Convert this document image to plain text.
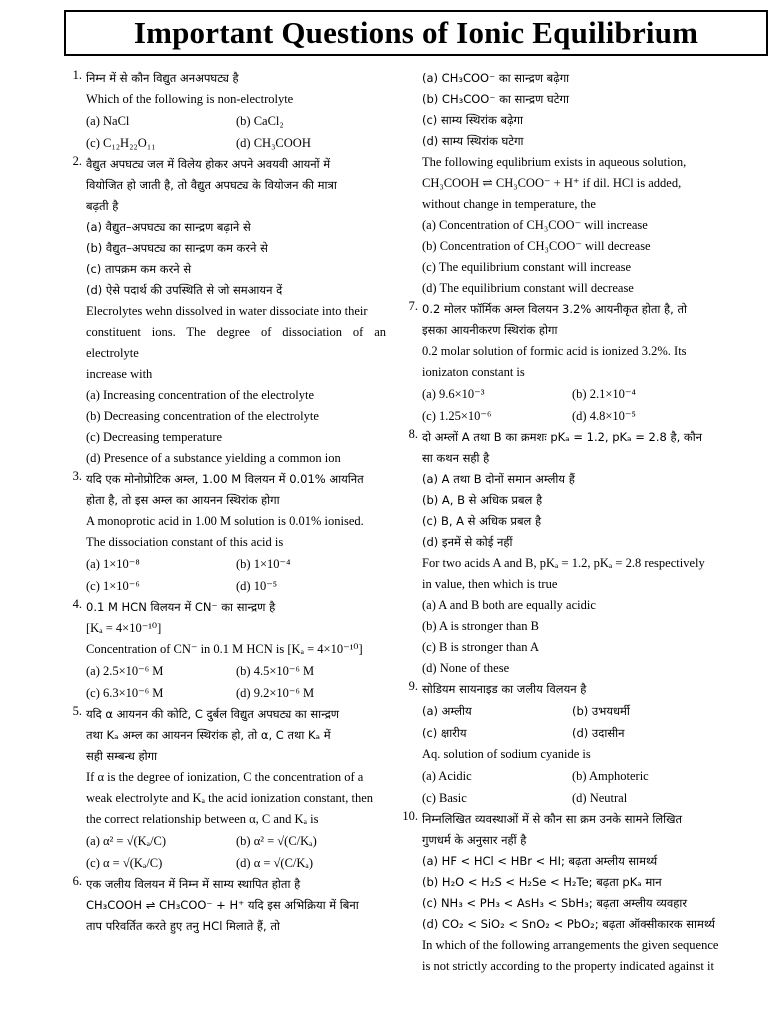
Important Questions of Ionic Equilibrium
1. निम्न में से कौन विद्युत अनअपघट्य है
Which of the following is non-electrolyte
(a) NaCl	(b) CaCl₂
(c) C₁₂H₂₂O₁₁	(d) CH₃COOH
2. वैद्युत अपघट्य जल में विलेय होकर अपने अवयवी आयनों में
वियोजित हो जाती है, तो वैद्युत अपघट्य के वियोजन की मात्रा
बढ़ती है
(a) वैद्युत–अपघट्य का सान्द्रण बढ़ाने से
(b) वैद्युत–अपघट्य का सान्द्रण कम करने से
(c) तापक्रम कम करने से
(d) ऐसे पदार्थ की उपस्थिति से जो समआयन दें
Elecrolytes wehn dissolved in water dissociate into their
constituent ions. The degree of dissociation of an electrolyte
increase with
(a) Increasing concentration of the electrolyte
(b) Decreasing concentration of the electrolyte
(c) Decreasing temperature
(d) Presence of a substance yielding a common ion
3. यदि एक मोनोप्रोटिक अम्ल, 1.00 M विलयन में 0.01% आयनित
होता है, तो इस अम्ल का आयनन स्थिरांक होगा
A monoprotic acid in 1.00 M solution is 0.01% ionised.
The dissociation constant of this acid is
(a) 1×10⁻⁸	(b) 1×10⁻⁴
(c) 1×10⁻⁶	(d) 10⁻⁵
4. 0.1 M HCN विलयन में CN⁻ का सान्द्रण है
[Kₐ = 4×10⁻¹⁰]
Concentration of CN⁻ in 0.1 M HCN is [Kₐ = 4×10⁻¹⁰]
(a) 2.5×10⁻⁶ M	(b) 4.5×10⁻⁶ M
(c) 6.3×10⁻⁶ M	(d) 9.2×10⁻⁶ M
5. यदि α आयनन की कोटि, C दुर्बल विद्युत अपघट्य का सान्द्रण
तथा Kₐ अम्ल का आयनन स्थिरांक हो, तो α, C तथा Kₐ में
सही सम्बन्ध होगा
If α is the degree of ionization, C the concentration of a
weak electrolyte and Kₐ the acid ionization constant, then
the correct relationship between α, C and Kₐ is
(a) α² = √(Kₐ/C)	(b) α² = √(C/Kₐ)
(c) α = √(Kₐ/C)	(d) α = √(C/Kₐ)
6. एक जलीय विलयन में निम्न में साम्य स्थापित होता है
CH₃COOH ⇌ CH₃COO⁻ + H⁺ यदि इस अभिक्रिया में बिना
ताप परिवर्तित करते हुए तनु HCl मिलाते हैं, तो
(a) CH₃COO⁻ का सान्द्रण बढ़ेगा
(b) CH₃COO⁻ का सान्द्रण घटेगा
(c) साम्य स्थिरांक बढ़ेगा
(d) साम्य स्थिरांक घटेगा
The following equlibrium exists in aqueous solution,
CH₃COOH ⇌ CH₃COO⁻ + H⁺ if dil. HCl is added,
without change in temperature, the
(a) Concentration of CH₃COO⁻ will increase
(b) Concentration of CH₃COO⁻ will decrease
(c) The equilibrium constant will increase
(d) The equilibrium constant will decrease
7. 0.2 मोलर फॉर्मिक अम्ल विलयन 3.2% आयनीकृत होता है, तो
इसका आयनीकरण स्थिरांक होगा
0.2 molar solution of formic acid is ionized 3.2%. Its
ionizaton constant is
(a) 9.6×10⁻³	(b) 2.1×10⁻⁴
(c) 1.25×10⁻⁶	(d) 4.8×10⁻⁵
8. दो अम्लों A तथा B का क्रमशः pKₐ = 1.2, pKₐ = 2.8 है, कौन
सा कथन सही है
(a) A तथा B दोनों समान अम्लीय हैं
(b) A, B से अधिक प्रबल है
(c) B, A से अधिक प्रबल है
(d) इनमें से कोई नहीं
For two acids A and B, pKₐ = 1.2, pKₐ = 2.8 respectively
in value, then which is true
(a) A and B both are equally acidic
(b) A is stronger than B
(c) B is stronger than A
(d) None of these
9. सोडियम सायनाइड का जलीय विलयन है
(a) अम्लीय	(b) उभयधर्मी
(c) क्षारीय	(d) उदासीन
Aq. solution of sodium cyanide is
(a) Acidic	(b) Amphoteric
(c) Basic	(d) Neutral
10. निम्नलिखित व्यवस्थाओं में से कौन सा क्रम उनके सामने लिखित
गुणधर्म के अनुसार नहीं है
(a) HF < HCl < HBr < HI; बढ़ता अम्लीय सामर्थ्य
(b) H₂O < H₂S < H₂Se < H₂Te; बढ़ता pKₐ मान
(c) NH₃ < PH₃ < AsH₃ < SbH₃; बढ़ता अम्लीय व्यवहार
(d) CO₂ < SiO₂ < SnO₂ < PbO₂; बढ़ता ऑक्सीकारक सामर्थ्य
In which of the following arrangements the given sequence
is not strictly according to the property indicated against it
